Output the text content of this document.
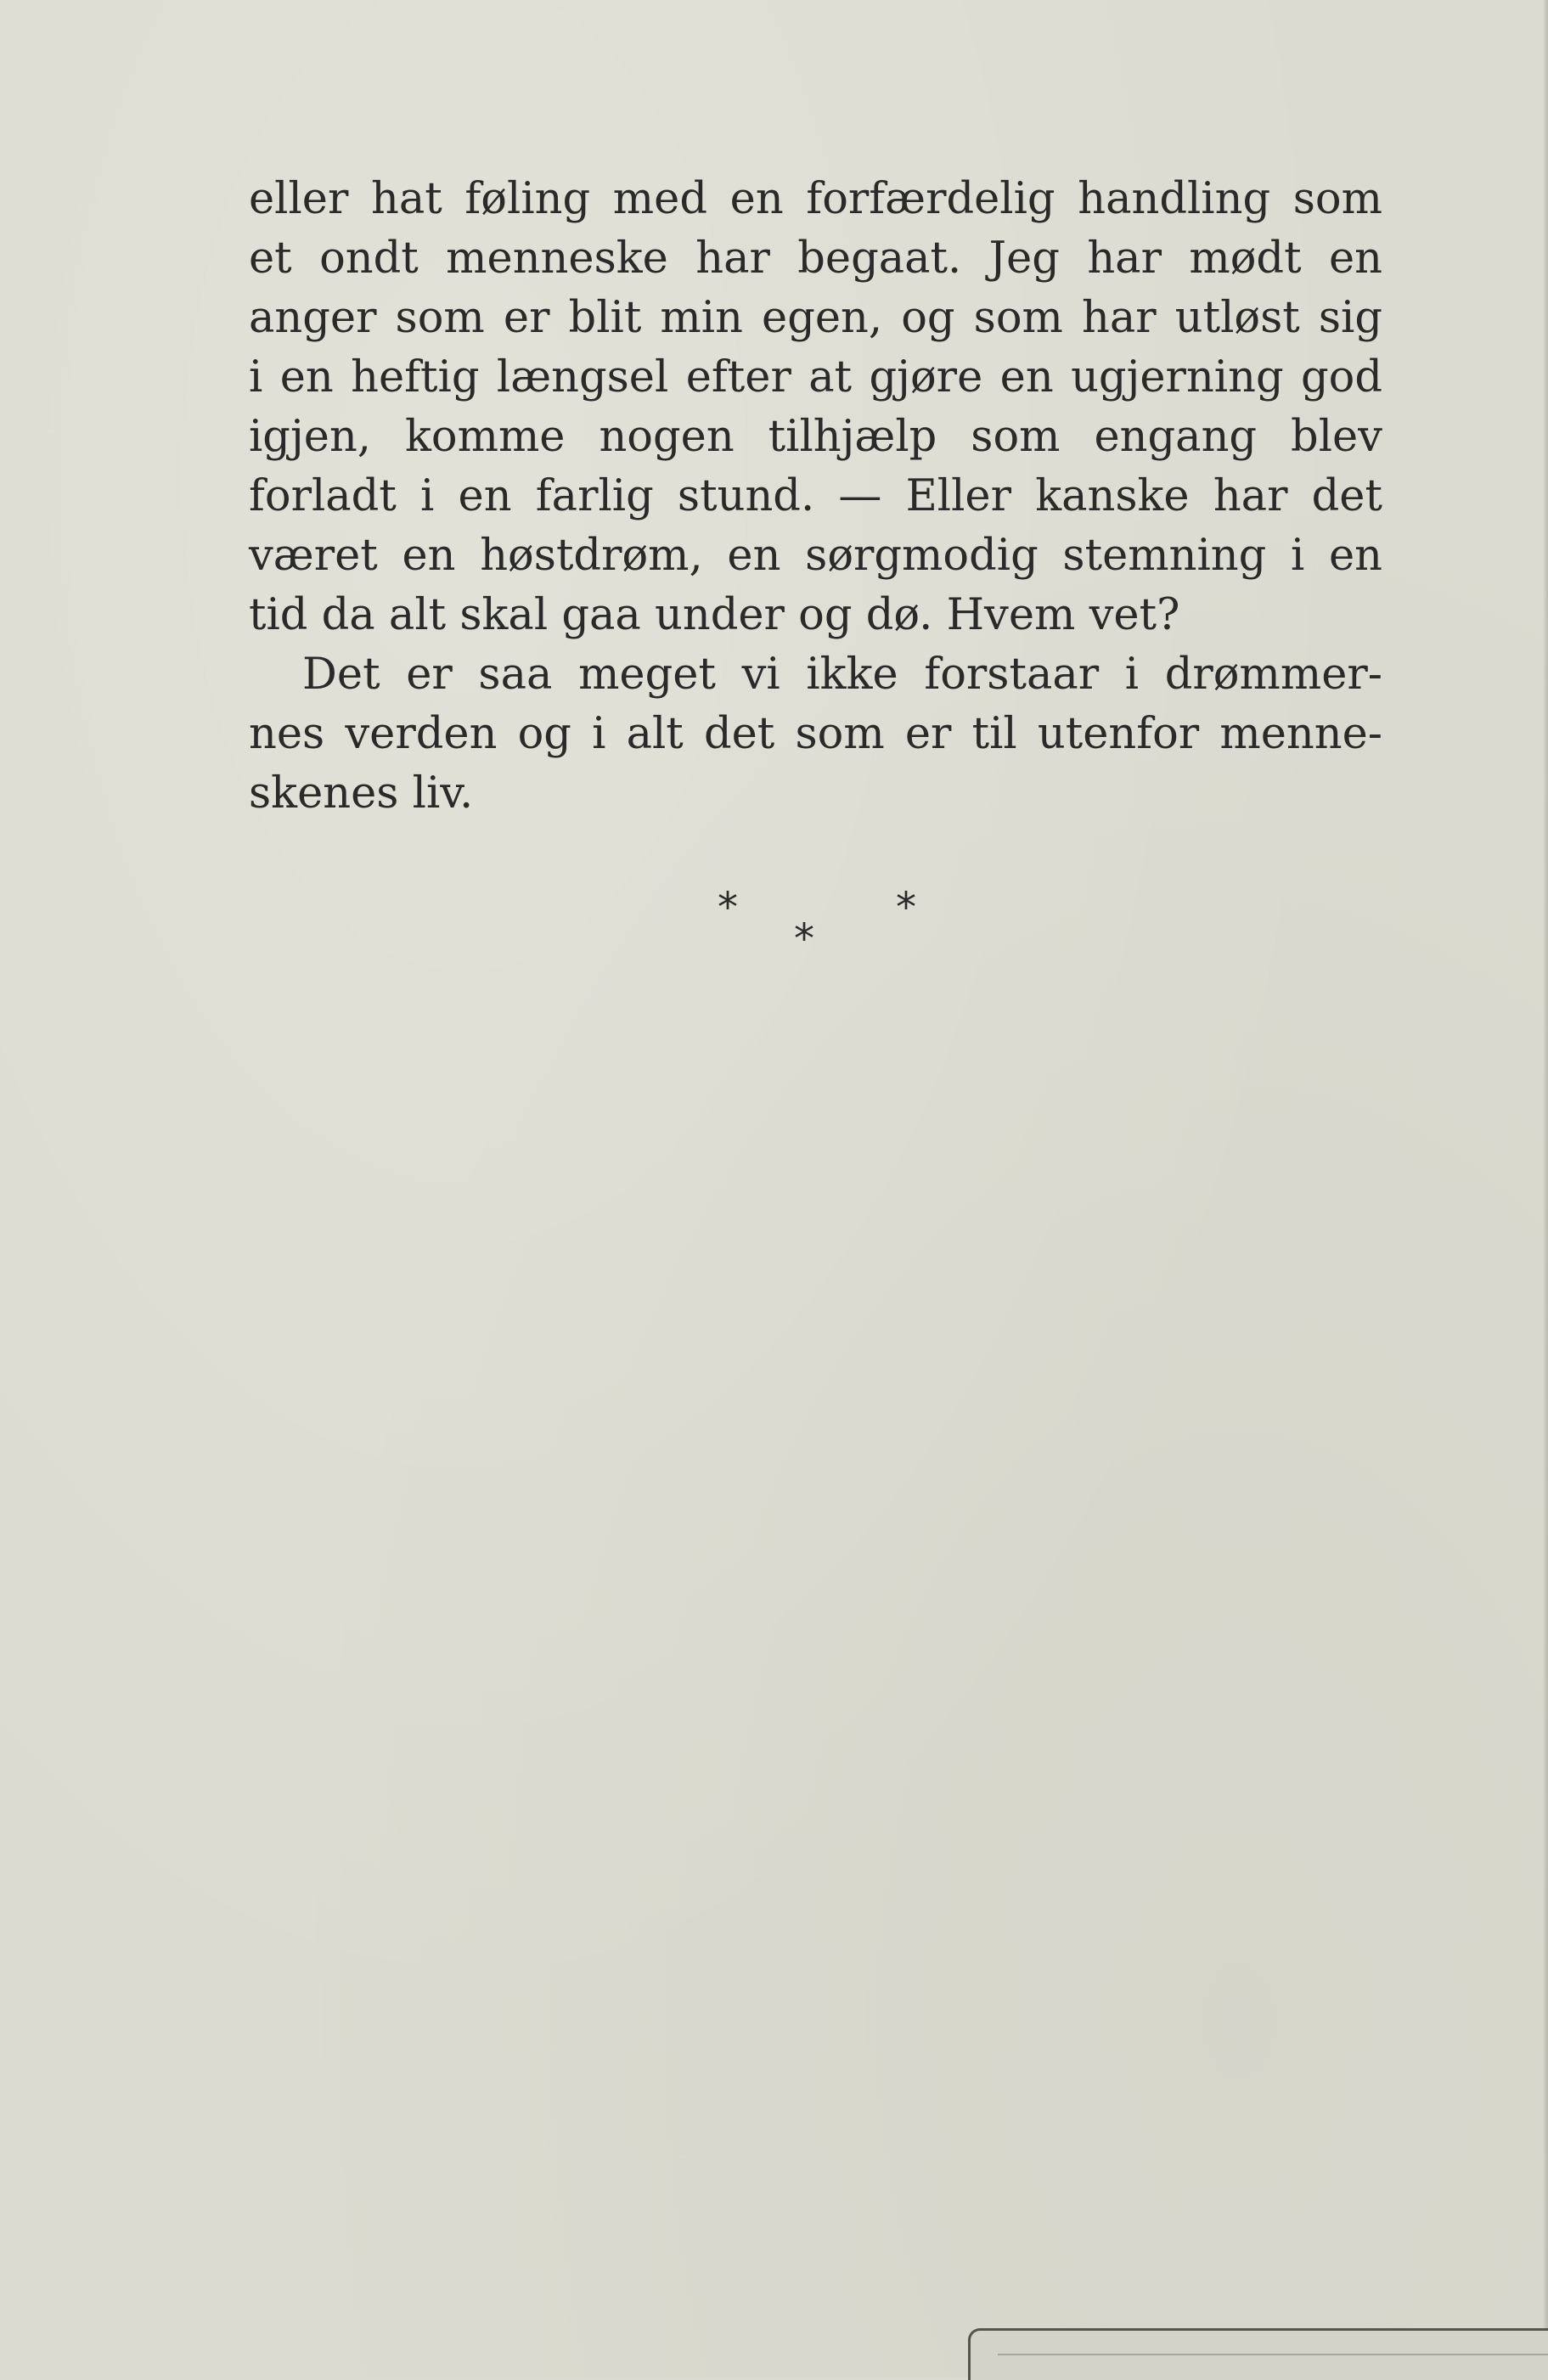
eller hat føling med en forfærdelig handling som
et ondt menneske har begaat. Jeg har mødt en
anger som er blit min egen, og som har utløst sig
i en heftig længsel efter at gjøre en ugjerning god
igjen, komme nogen tilhjælp som engang blev
forladt i en farlig stund. — Eller kanske har det
været en høstdrøm, en sørgmodig stemning i en
tid da alt skal gaa under og dø. Hvem vet?
Det er saa meget vi ikke forstaar i drømmer-
nes verden og i alt det som er til utenfor menne-
skenes liv.
*	*
*
